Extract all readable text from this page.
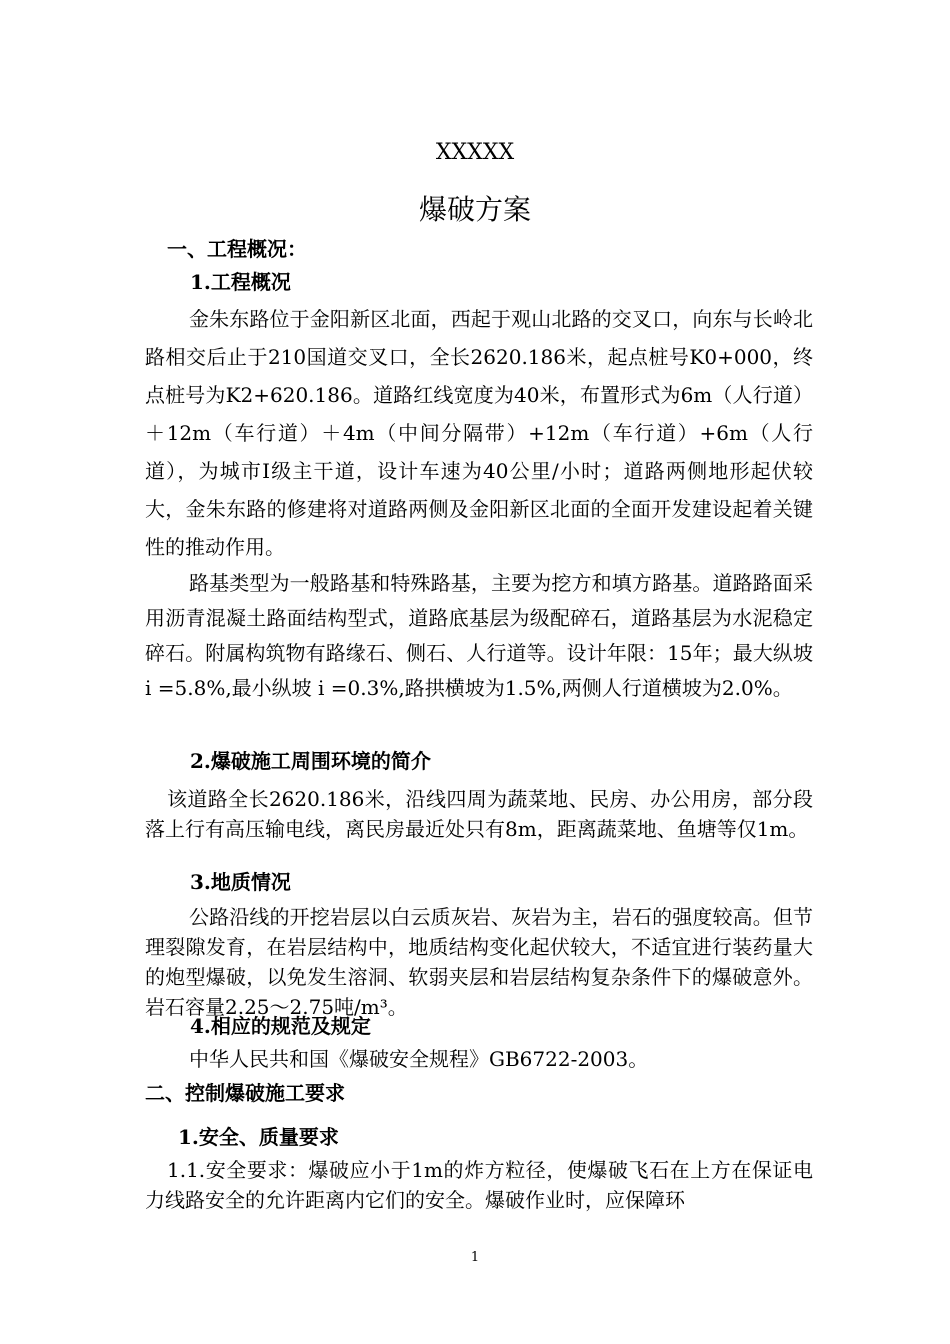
XXXXX
爆破方案
一、工程概况：
1.工程概况
金朱东路位于金阳新区北面，西起于观山北路的交叉口，向东与长岭北路相交后止于210国道交叉口，全长2620.186米，起点桩号K0+000，终点桩号为K2+620.186。道路红线宽度为40米，布置形式为6m（人行道）＋12m（车行道）＋4m（中间分隔带）+12m（车行道）+6m（人行道），为城市Ⅰ级主干道，设计车速为40公里/小时；道路两侧地形起伏较大，金朱东路的修建将对道路两侧及金阳新区北面的全面开发建设起着关键性的推动作用。
路基类型为一般路基和特殊路基，主要为挖方和填方路基。道路路面采用沥青混凝土路面结构型式，道路底基层为级配碎石，道路基层为水泥稳定碎石。附属构筑物有路缘石、侧石、人行道等。设计年限：15年；最大纵坡 i =5.8%,最小纵坡 i =0.3%,路拱横坡为1.5%,两侧人行道横坡为2.0%。
2.爆破施工周围环境的简介
该道路全长2620.186米，沿线四周为蔬菜地、民房、办公用房，部分段落上行有高压输电线，离民房最近处只有8m，距离蔬菜地、鱼塘等仅1m。
3.地质情况
公路沿线的开挖岩层以白云质灰岩、灰岩为主，岩石的强度较高。但节理裂隙发育，在岩层结构中，地质结构变化起伏较大，不适宜进行装药量大的炮型爆破，以免发生溶洞、软弱夹层和岩层结构复杂条件下的爆破意外。岩石容量2.25～2.75吨/m³。
4.相应的规范及规定
中华人民共和国《爆破安全规程》GB6722-2003。
二、控制爆破施工要求
1.安全、质量要求
1.1.安全要求：爆破应小于1m的炸方粒径，使爆破飞石在上方在保证电力线路安全的允许距离内它们的安全。爆破作业时，应保障环
1
